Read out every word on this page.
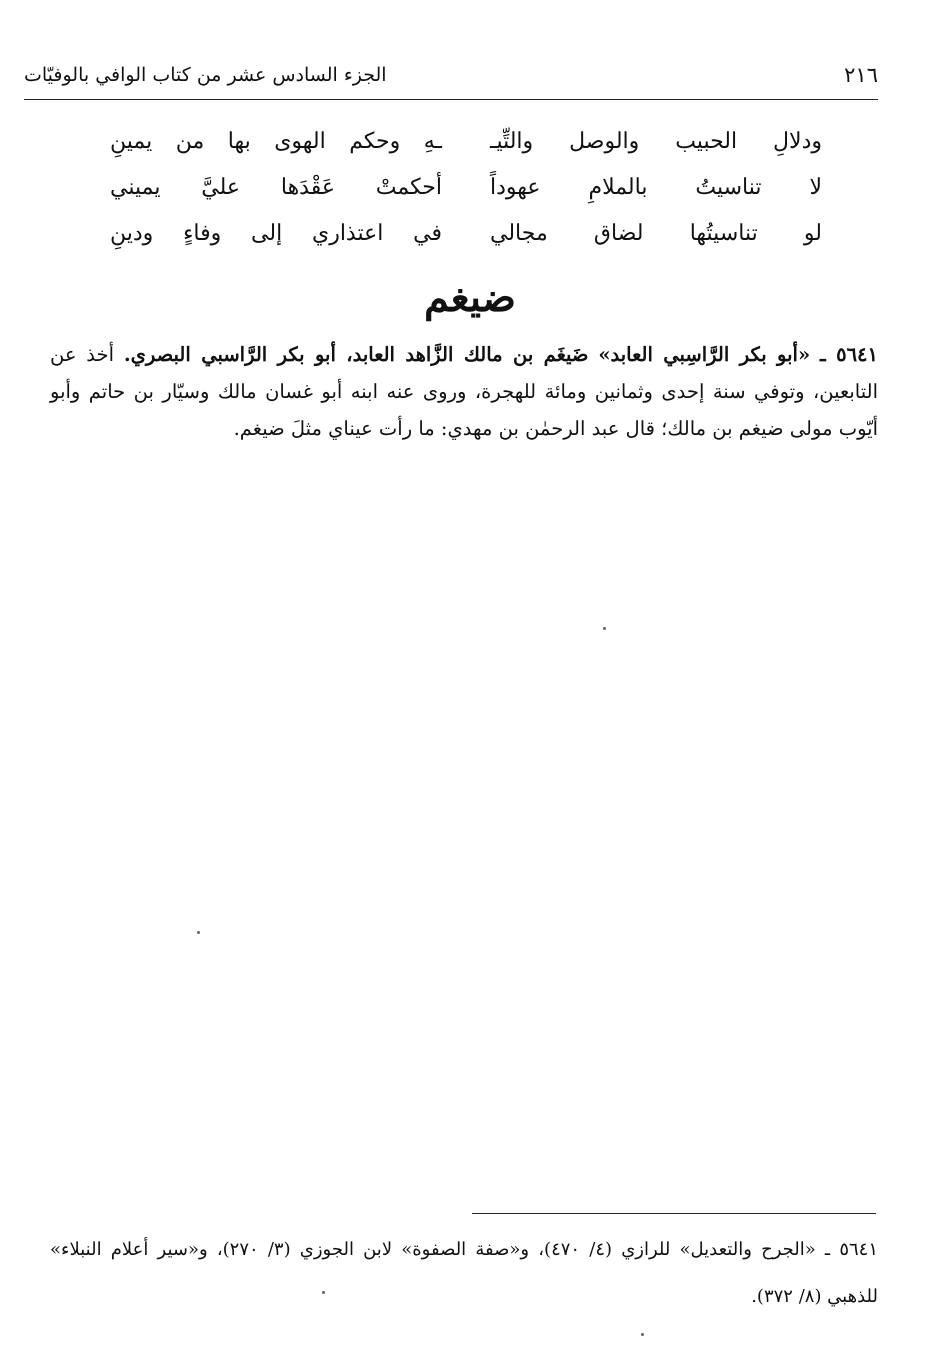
٢١٦
الجزء السادس عشر من كتاب الوافي بالوفيّات
ودلالِ الحبيب والوصل والتِّيـ
ـهِ وحكم الهوى بها من يمينِ
لا تناسيتُ بالملامِ عهوداً
أحكمتْ عَقْدَها عليَّ يميني
لو تناسيتُها لضاق مجالي
في اعتذاري إلى وفاءٍ ودينِ
ضيغم
٥٦٤١ ـ «أبو بكر الرَّاسِبي العابد» ضَيغَم بن مالك الزَّاهد العابد، أبو بكر الرَّاسبي البصري. أخذ عن التابعين، وتوفي سنة إحدى وثمانين ومائة للهجرة، وروى عنه ابنه أبو غسان مالك وسيّار بن حاتم وأبو أيّوب مولى ضيغم بن مالك؛ قال عبد الرحمٰن بن مهدي: ما رأت عيناي مثلَ ضيغم.
٥٦٤١ ـ «الجرح والتعديل» للرازي (٤/ ٤٧٠)، و«صفة الصفوة» لابن الجوزي (٣/ ٢٧٠)، و«سير أعلام النبلاء» للذهبي (٨/ ٣٧٢).
